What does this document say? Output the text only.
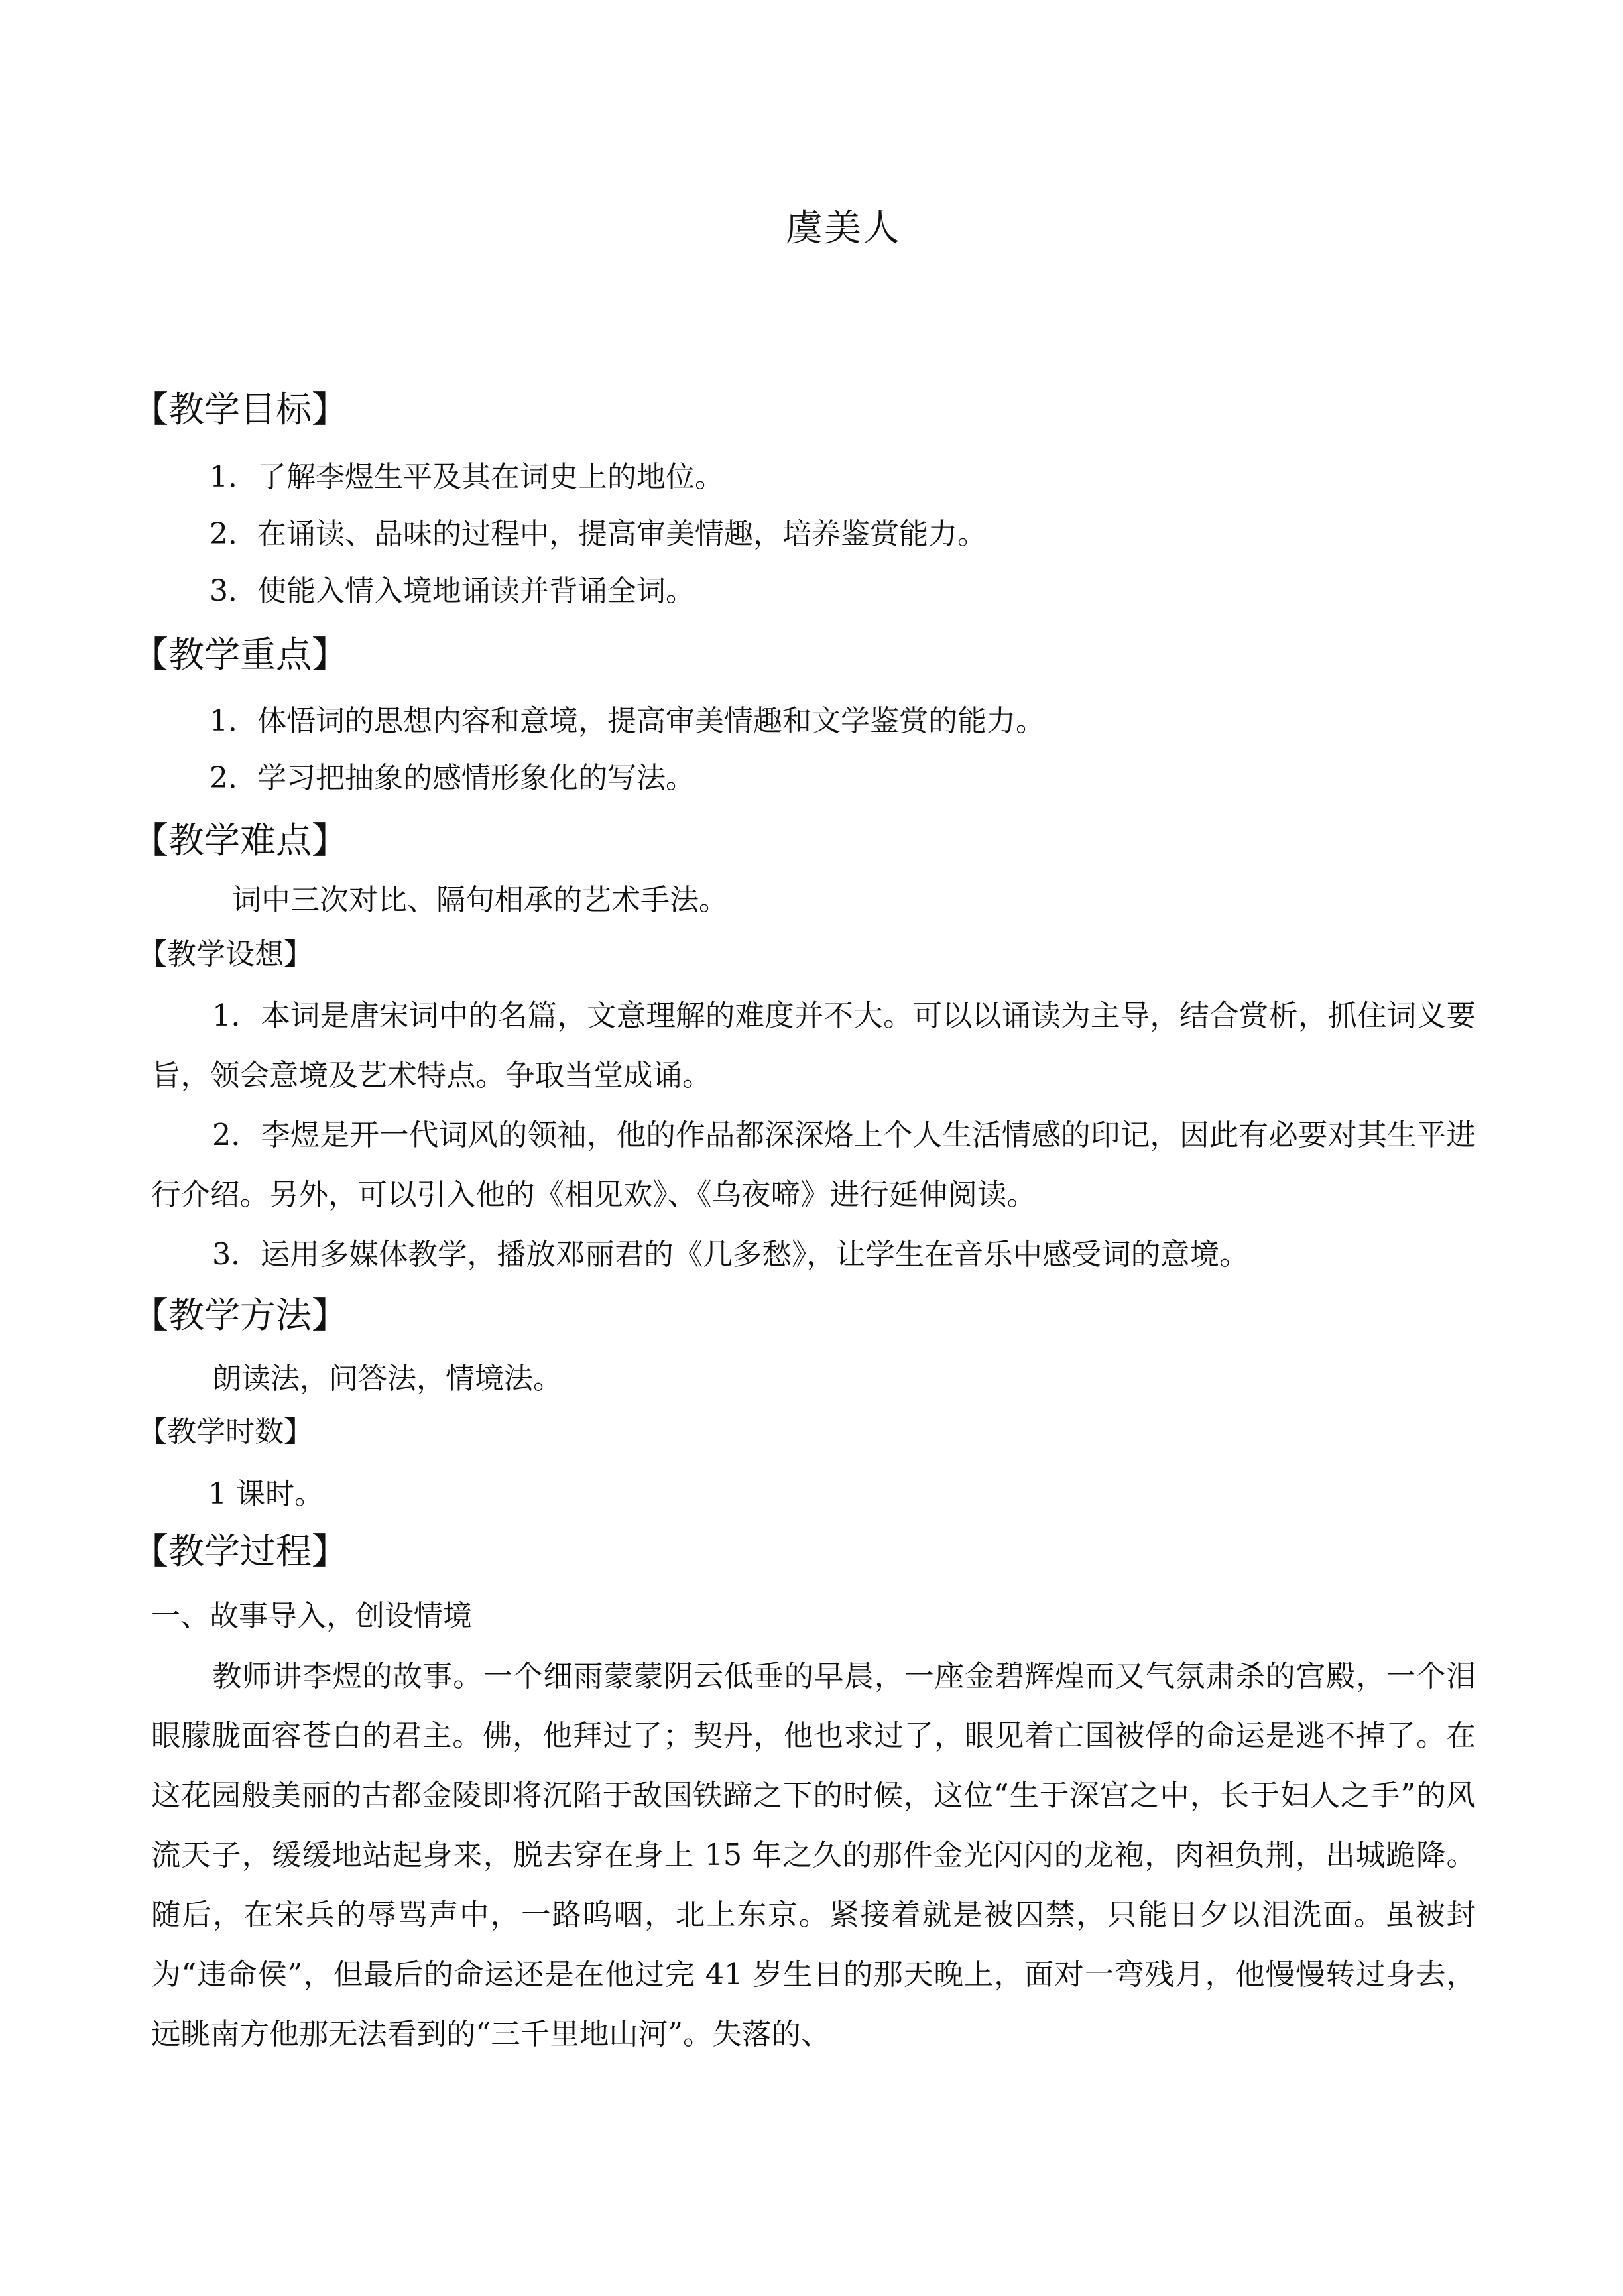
虞美人
【教学目标】
1．了解李煜生平及其在词史上的地位。
2．在诵读、品味的过程中，提高审美情趣，培养鉴赏能力。
3．使能入情入境地诵读并背诵全词。
【教学重点】
1．体悟词的思想内容和意境，提高审美情趣和文学鉴赏的能力。
2．学习把抽象的感情形象化的写法。
【教学难点】
词中三次对比、隔句相承的艺术手法。
【教学设想】
1．本词是唐宋词中的名篇，文意理解的难度并不大。可以以诵读为主导，结合赏析，抓住词义要旨，领会意境及艺术特点。争取当堂成诵。
2．李煜是开一代词风的领袖，他的作品都深深烙上个人生活情感的印记，因此有必要对其生平进行介绍。另外，可以引入他的《相见欢》、《乌夜啼》进行延伸阅读。
3．运用多媒体教学，播放邓丽君的《几多愁》，让学生在音乐中感受词的意境。
【教学方法】
朗读法，问答法，情境法。
【教学时数】
1 课时。
【教学过程】
一、故事导入，创设情境
教师讲李煜的故事。一个细雨蒙蒙阴云低垂的早晨，一座金碧辉煌而又气氛肃杀的宫殿，一个泪眼朦胧面容苍白的君主。佛，他拜过了；契丹，他也求过了，眼见着亡国被俘的命运是逃不掉了。在这花园般美丽的古都金陵即将沉陷于敌国铁蹄之下的时候，这位“生于深宫之中，长于妇人之手”的风流天子，缓缓地站起身来，脱去穿在身上 15 年之久的那件金光闪闪的龙袍，肉袒负荆，出城跪降。随后，在宋兵的辱骂声中，一路呜咽，北上东京。紧接着就是被囚禁，只能日夕以泪洗面。虽被封为“违命侯”，但最后的命运还是在他过完 41 岁生日的那天晚上，面对一弯残月，他慢慢转过身去，远眺南方他那无法看到的“三千里地山河”。失落的、
